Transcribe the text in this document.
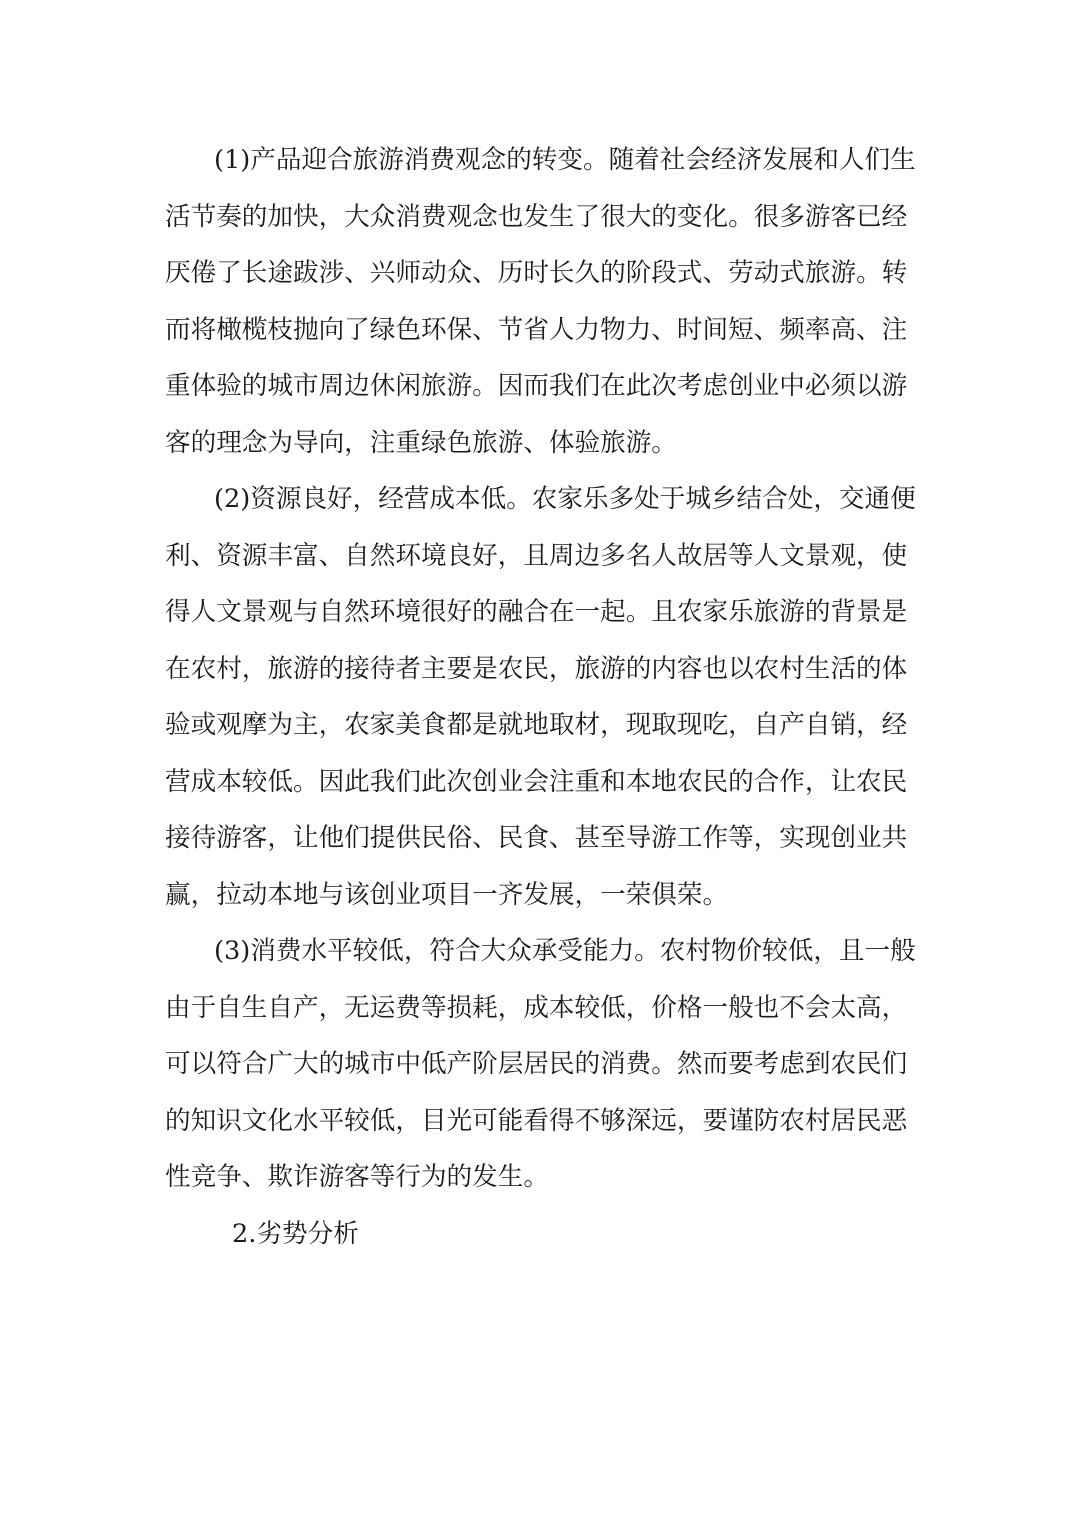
(1)产品迎合旅游消费观念的转变。随着社会经济发展和人们生
活节奏的加快，大众消费观念也发生了很大的变化。很多游客已经
厌倦了长途跋涉、兴师动众、历时长久的阶段式、劳动式旅游。转
而将橄榄枝抛向了绿色环保、节省人力物力、时间短、频率高、注
重体验的城市周边休闲旅游。因而我们在此次考虑创业中必须以游
客的理念为导向，注重绿色旅游、体验旅游。
(2)资源良好，经营成本低。农家乐多处于城乡结合处，交通便
利、资源丰富、自然环境良好，且周边多名人故居等人文景观，使
得人文景观与自然环境很好的融合在一起。且农家乐旅游的背景是
在农村，旅游的接待者主要是农民，旅游的内容也以农村生活的体
验或观摩为主，农家美食都是就地取材，现取现吃，自产自销，经
营成本较低。因此我们此次创业会注重和本地农民的合作，让农民
接待游客，让他们提供民俗、民食、甚至导游工作等，实现创业共
赢，拉动本地与该创业项目一齐发展，一荣俱荣。
(3)消费水平较低，符合大众承受能力。农村物价较低，且一般
由于自生自产，无运费等损耗，成本较低，价格一般也不会太高，
可以符合广大的城市中低产阶层居民的消费。然而要考虑到农民们
的知识文化水平较低，目光可能看得不够深远，要谨防农村居民恶
性竞争、欺诈游客等行为的发生。
2.劣势分析
